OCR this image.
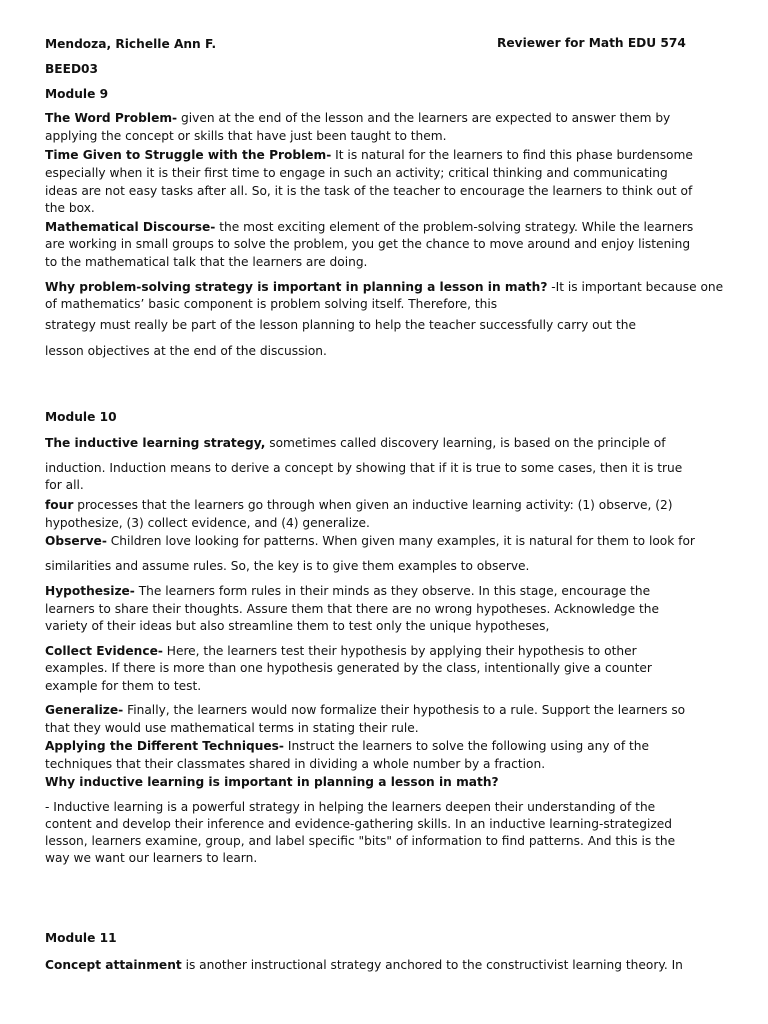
Mendoza, Richelle Ann F.	Reviewer for Math EDU 574
BEED03
Module 9
The Word Problem- given at the end of the lesson and the learners are expected to answer them by
applying the concept or skills that have just been taught to them.
Time Given to Struggle with the Problem- It is natural for the learners to find this phase burdensome
especially when it is their first time to engage in such an activity; critical thinking and communicating
ideas are not easy tasks after all. So, it is the task of the teacher to encourage the learners to think out of
the box.
Mathematical Discourse- the most exciting element of the problem-solving strategy. While the learners
are working in small groups to solve the problem, you get the chance to move around and enjoy listening
to the mathematical talk that the learners are doing.
Why problem-solving strategy is important in planning a lesson in math? -It is important because one
of mathematics’ basic component is problem solving itself. Therefore, this
strategy must really be part of the lesson planning to help the teacher successfully carry out the
lesson objectives at the end of the discussion.
Module 10
The inductive learning strategy, sometimes called discovery learning, is based on the principle of
induction. Induction means to derive a concept by showing that if it is true to some cases, then it is true
for all.
four processes that the learners go through when given an inductive learning activity: (1) observe, (2)
hypothesize, (3) collect evidence, and (4) generalize.
Observe- Children love looking for patterns. When given many examples, it is natural for them to look for
similarities and assume rules. So, the key is to give them examples to observe.
Hypothesize- The learners form rules in their minds as they observe. In this stage, encourage the
learners to share their thoughts. Assure them that there are no wrong hypotheses. Acknowledge the
variety of their ideas but also streamline them to test only the unique hypotheses,
Collect Evidence- Here, the learners test their hypothesis by applying their hypothesis to other
examples. If there is more than one hypothesis generated by the class, intentionally give a counter
example for them to test.
Generalize- Finally, the learners would now formalize their hypothesis to a rule. Support the learners so
that they would use mathematical terms in stating their rule.
Applying the Different Techniques- Instruct the learners to solve the following using any of the
techniques that their classmates shared in dividing a whole number by a fraction.
Why inductive learning is important in planning a lesson in math?
- Inductive learning is a powerful strategy in helping the learners deepen their understanding of the
content and develop their inference and evidence-gathering skills. In an inductive learning-strategized
lesson, learners examine, group, and label specific "bits" of information to find patterns. And this is the
way we want our learners to learn.
Module 11
Concept attainment is another instructional strategy anchored to the constructivist learning theory. In
